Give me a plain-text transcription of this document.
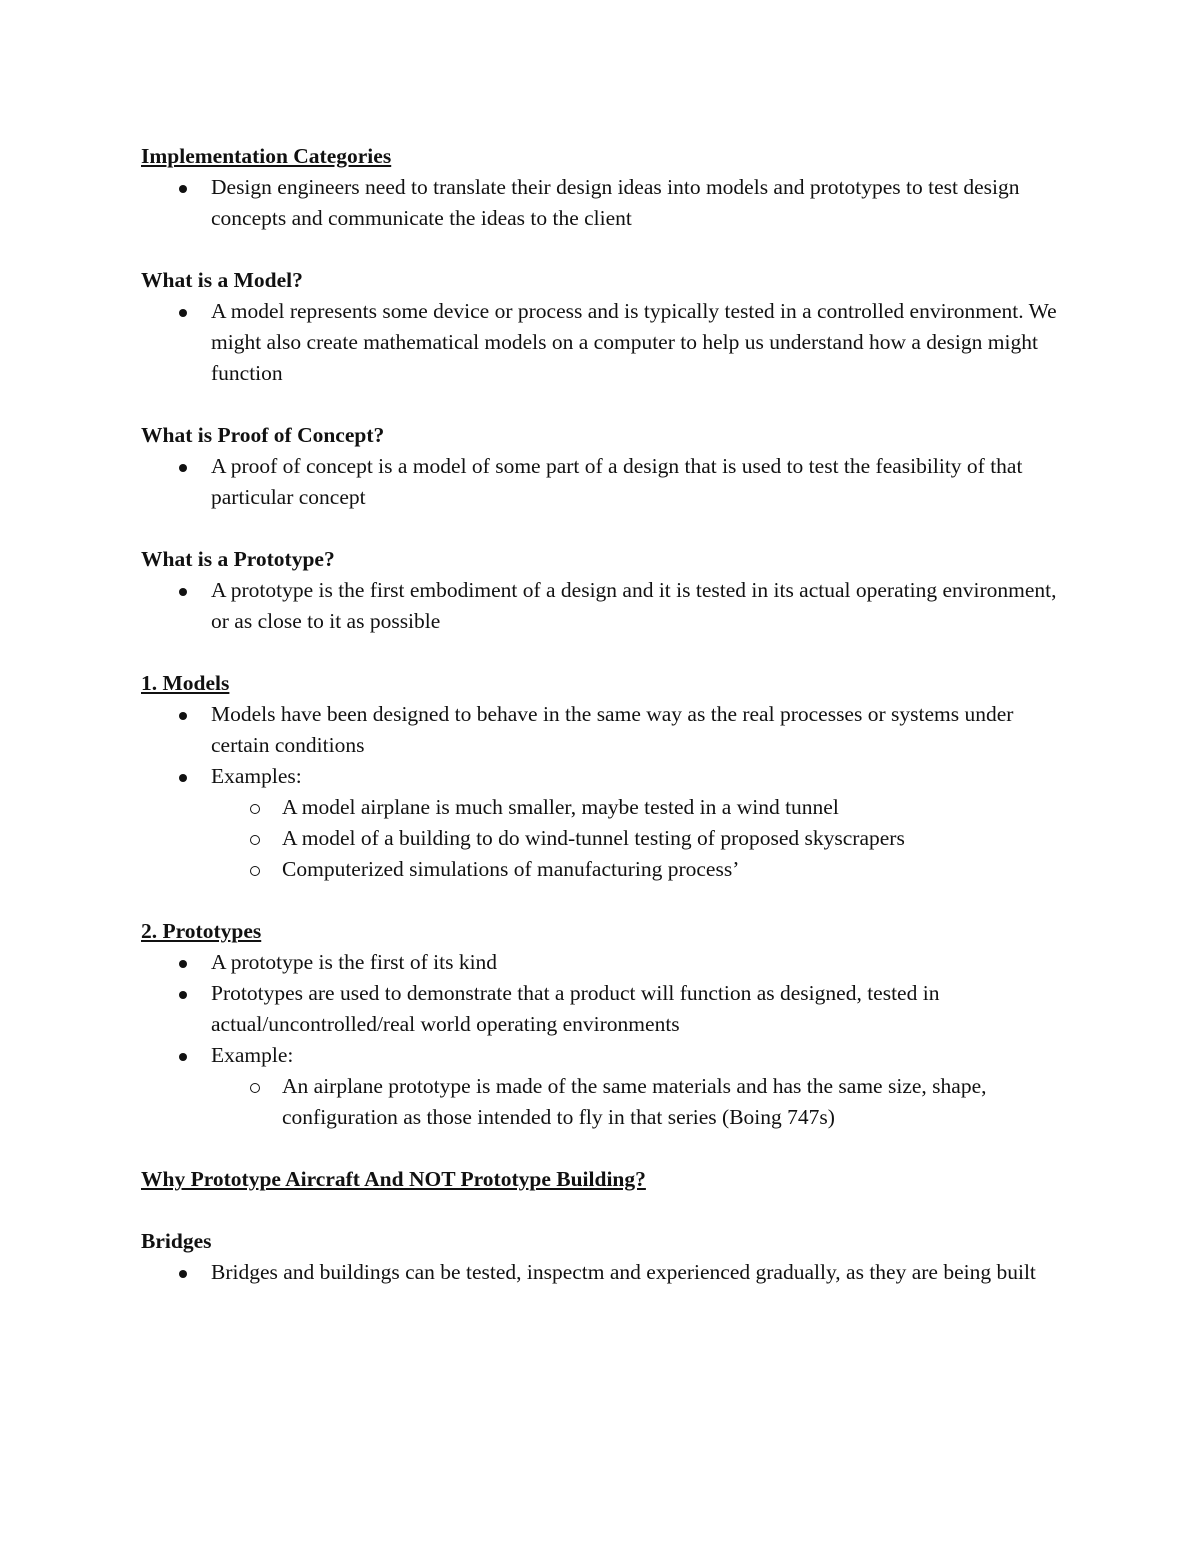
Implementation Categories
Design engineers need to translate their design ideas into models and prototypes to test design concepts and communicate the ideas to the client
What is a Model?
A model represents some device or process and is typically tested in a controlled environment. We might also create mathematical models on a computer to help us understand how a design might function
What is Proof of Concept?
A proof of concept is a model of some part of a design that is used to test the feasibility of that particular concept
What is a Prototype?
A prototype is the first embodiment of a design and it is tested in its actual operating environment, or as close to it as possible
1. Models
Models have been designed to behave in the same way as the real processes or systems under certain conditions
Examples:
A model airplane is much smaller, maybe tested in a wind tunnel
A model of a building to do wind-tunnel testing of proposed skyscrapers
Computerized simulations of manufacturing process’
2. Prototypes
A prototype is the first of its kind
Prototypes are used to demonstrate that a product will function as designed, tested in actual/uncontrolled/real world operating environments
Example:
An airplane prototype is made of the same materials and has the same size, shape, configuration as those intended to fly in that series (Boing 747s)
Why Prototype Aircraft And NOT Prototype Building?
Bridges
Bridges and buildings can be tested, inspectm and experienced gradually, as they are being built
